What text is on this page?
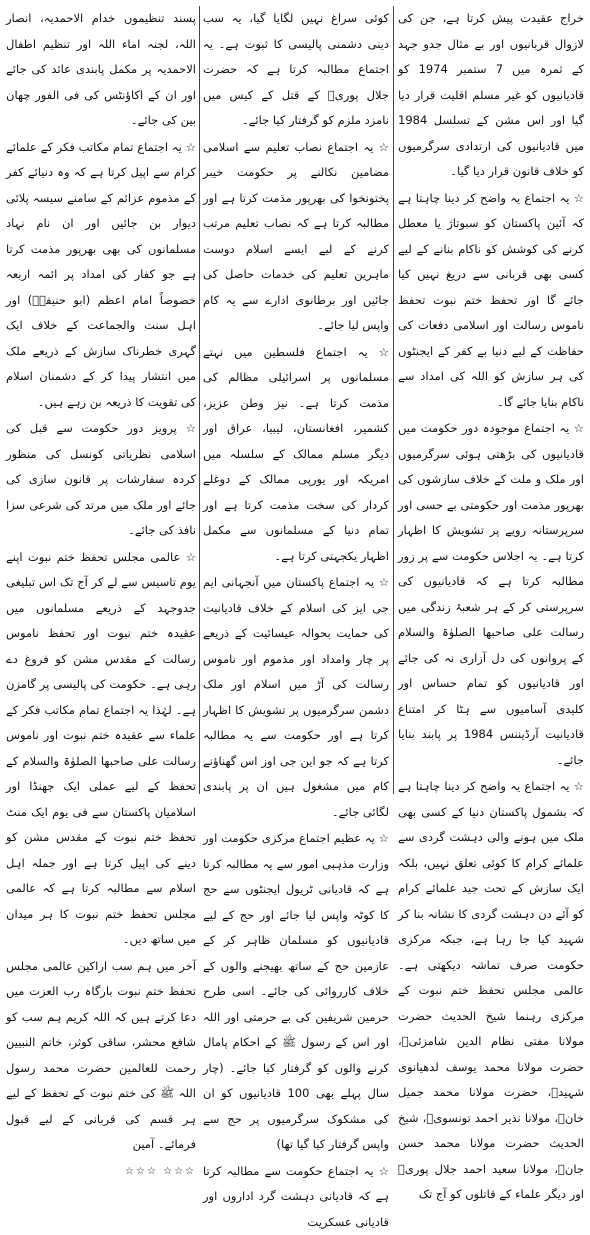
خراج عقیدت پیش کرتا ہے، جن کی لازوال قربانیوں اور بے مثال جدو جہد کے ثمرہ میں 7 ستمبر 1974 کو قادیانیوں کو غیر مسلم اقلیت قرار دیا گیا اور اس مشن کے تسلسل 1984 میں قادیانیوں کی ارتدادی سرگرمیوں کو خلاف قانون قرار دیا گیا۔

☆ یہ اجتماع یہ واضح کر دینا چاہتا ہے کہ آئین پاکستان کو سبوتاژ یا معطل کرنے کی کوشش کو ناکام بنانے کے لیے کسی بھی قربانی سے دریغ نہیں کیا جائے گا اور تحفظ ختم نبوت تحفظ ناموس رسالت اور اسلامی دفعات کی حفاظت کے لیے دنیا بے کفر کے ایجنٹوں کی ہر سازش کو اللہ کی امداد سے ناکام بنایا جائے گا۔

☆ یہ اجتماع موجودہ دور حکومت میں قادیانیوں کی بڑھتی ہوئی سرگرمیوں اور ملک و ملت کے خلاف سازشوں کی بھرپور مذمت اور حکومتی بے حسی اور سرپرستانہ رویے پر تشویش کا اظہار کرتا ہے۔ یہ اجلاس حکومت سے پر زور مطالبہ کرتا ہے کہ قادیانیوں کی سرپرستی کر کے ہر شعبۂ زندگی میں رسالت علی صاحبھا الصلوٰۃ والسلام کے پروانوں کی دل آزاری نہ کی جائے اور قادیانیوں کو تمام حساس اور کلیدی آسامیوں سے ہٹا کر امتناع قادیانیت آرڈیننس 1984 پر پابند بنایا جائے۔

☆ یہ اجتماع یہ واضح کر دینا چاہتا ہے کہ بشمول پاکستان دنیا کے کسی بھی ملک میں ہونے والی دہشت گردی سے علمائے کرام کا کوئی تعلق نہیں، بلکہ ایک سازش کے تحت جید علمائے کرام کو آئے دن دہشت گردی کا نشانہ بنا کر شہید کیا جا رہا ہے، جبکہ مرکزی حکومت صرف تماشہ دیکھتی ہے۔ عالمی مجلس تحفظ ختم نبوت کے مرکزی رہنما شیخ الحدیث حضرت مولانا مفتی نظام الدین شامزئیؒ، حضرت مولانا محمد یوسف لدھیانوی شہیدؒ، حضرت مولانا محمد جمیل خانؒ، مولانا نذیر احمد تونسویؒ، شیخ الحدیث حضرت مولانا محمد حسن جانؒ، مولانا سعید احمد جلال پوریؒ اور دیگر علماء کے قاتلوں کو آج تک

کوئی سراغ نہیں لگایا گیا، یہ سب دینی دشمنی پالیسی کا ثبوت ہے۔ یہ اجتماع مطالبہ کرتا ہے کہ حضرت جلال پوریؒ کے قتل کے کیس میں نامزد ملزم کو گرفتار کیا جائے۔

☆ یہ اجتماع نصاب تعلیم سے اسلامی مضامین نکالنے پر حکومت خیبر پختونخوا کی بھرپور مذمت کرتا ہے اور مطالبہ کرتا ہے کہ نصاب تعلیم مرتب کرنے کے لیے ایسے اسلام دوست ماہرین تعلیم کی خدمات حاصل کی جائیں اور برطانوی ادارے سے یہ کام واپس لیا جائے۔

☆ یہ اجتماع فلسطین میں نہتے مسلمانوں پر اسرائیلی مظالم کی مذمت کرتا ہے۔ نیز وطن عزیز، کشمیر، افغانستان، لیبیا، عراق اور دیگر مسلم ممالک کے سلسلہ میں امریکہ اور یورپی ممالک کے دوغلے کردار کی سخت مذمت کرتا ہے اور تمام دنیا کے مسلمانوں سے مکمل اظہار یکجہتی کرتا ہے۔

☆ یہ اجتماع پاکستان میں آنجہانی ایم جی ایز کی اسلام کے خلاف قادیانیت کی حمایت بحوالہ عیسائیت کے ذریعے پر چار وامداد اور مذموم اور ناموس رسالت کی آڑ میں اسلام اور ملک دشمن سرگرمیوں پر تشویش کا اظہار کرتا ہے اور حکومت سے یہ مطالبہ کرتا ہے کہ جو این جی اوز اس گھناؤنے کام میں مشغول ہیں ان پر پابندی لگائی جائے۔

☆ یہ عظیم اجتماع مرکزی حکومت اور وزارت مذہبی امور سے یہ مطالبہ کرتا ہے کہ قادیانی ٹریول ایجنٹوں سے حج کا کوٹہ واپس لیا جائے اور حج کے لیے قادیانیوں کو مسلمان ظاہر کر کے عازمین حج کے ساتھ بھیجنے والوں کے خلاف کارروائی کی جائے۔ اسی طرح حرمین شریفین کی بے حرمتی اور اللہ اور اس کے رسول ﷺ کے احکام پامال کرنے والوں کو گرفتار کیا جائے۔ (چار سال پہلے بھی 100 قادیانیوں کو ان کی مشکوک سرگرمیوں پر حج سے واپس گرفتار کیا گیا تھا)

☆ یہ اجتماع حکومت سے مطالبہ کرتا ہے کہ قادیانی دہشت گرد اداروں اور قادیانی عسکریت

پسند تنظیموں خدام الاحمدیہ، انصار اللہ، لجنہ اماء اللہ اور تنظیم اطفال الاحمدیہ پر مکمل پابندی عائد کی جائے اور ان کے اکاؤنٹس کی فی الفور چھان بین کی جائے۔

☆ یہ اجتماع تمام مکاتب فکر کے علمائے کرام سے اپیل کرتا ہے کہ وہ دنیائے کفر کے مذموم عزائم کے سامنے سیسہ پلائی دیوار بن جائیں اور ان نام نہاد مسلمانوں کی بھی بھرپور مذمت کرتا ہے جو کفار کی امداد پر ائمہ اربعہ خصوصاً امام اعظم (ابو حنیفہؒ) اور اہل سنت والجماعت کے خلاف ایک گہری خطرناک سازش کے ذریعے ملک میں انتشار پیدا کر کے دشمنان اسلام کی تقویت کا ذریعہ بن رہے ہیں۔

☆ پرویز دور حکومت سے قبل کی اسلامی نظریاتی کونسل کی منظور کردہ سفارشات پر قانون سازی کی جائے اور ملک میں مرتد کی شرعی سزا نافذ کی جائے۔

☆ عالمی مجلس تحفظ ختم نبوت اپنے یوم تاسیس سے لے کر آج تک اس تبلیغی جدوجہد کے ذریعے مسلمانوں میں عقیدہ ختم نبوت اور تحفظ ناموس رسالت کے مقدس مشن کو فروغ دے رہی ہے۔ حکومت کی پالیسی پر گامزن ہے۔ لہٰذا یہ اجتماع تمام مکاتب فکر کے علماء سے عقیدہ ختم نبوت اور ناموس رسالت علی صاحبھا الصلوٰۃ والسلام کے تحفظ کے لیے عملی ایک جھنڈا اور اسلامیان پاکستان سے فی یوم ایک منٹ تحفظ ختم نبوت کے مقدس مشن کو دینے کی اپیل کرتا ہے اور جملہ اہل اسلام سے مطالبہ کرتا ہے کہ عالمی مجلس تحفظ ختم نبوت کا ہر میدان میں ساتھ دیں۔

آخر میں ہم سب اراکین عالمی مجلس تحفظ ختم نبوت بارگاہ رب العزت میں دعا کرتے ہیں کہ اللہ کریم ہم سب کو شافع محشر، ساقی کوثر، خاتم النبیین رحمت للعالمین حضرت محمد رسول اللہ ﷺ کی ختم نبوت کے تحفظ کے لیے ہر قسم کی قربانی کے لیے قبول فرمائے۔ آمین

☆☆☆ ☆☆☆
